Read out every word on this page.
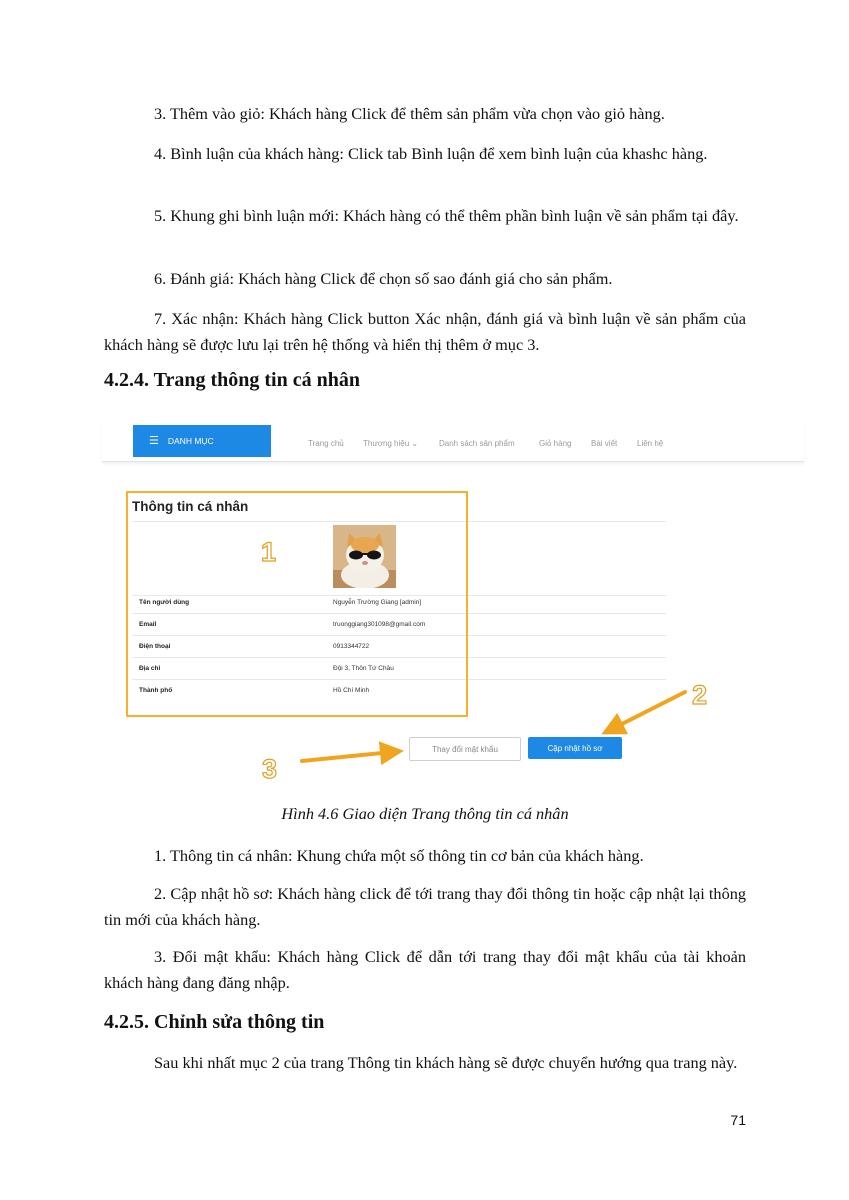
3. Thêm vào giỏ: Khách hàng Click để thêm sản phẩm vừa chọn vào giỏ hàng.

4. Bình luận của khách hàng: Click tab Bình luận để xem bình luận của khashc hàng.

5. Khung ghi bình luận mới: Khách hàng có thể thêm phần bình luận về sản phẩm tại đây.

6. Đánh giá: Khách hàng Click để chọn số sao đánh giá cho sản phẩm.

7. Xác nhận: Khách hàng Click button Xác nhận, đánh giá và bình luận về sản phẩm của khách hàng sẽ được lưu lại trên hệ thống và hiển thị thêm ở mục 3.

4.2.4. Trang thông tin cá nhân
☰ DANH MỤC	Trang chủ Thương hiệu ⌄	Danh sách sản phẩm	Giỏ hàng Bài viết Liên hệ
Thông tin cá nhân
Tên người dùng	Nguyễn Trường Giang [admin]
Email	truonggiang301098@gmail.com
Điện thoại	0913344722
Địa chỉ	Đội 3, Thôn Tứ Châu
Thành phố	Hồ Chí Minh
1
2
3
Thay đổi mật khẩu	Cập nhật hồ sơ

Hình 4.6 Giao diện Trang thông tin cá nhân

1. Thông tin cá nhân: Khung chứa một số thông tin cơ bản của khách hàng.

2. Cập nhật hồ sơ: Khách hàng click để tới trang thay đổi thông tin hoặc cập nhật lại thông tin mới của khách hàng.

3. Đổi mật khẩu: Khách hàng Click để dẫn tới trang thay đổi mật khẩu của tài khoản khách hàng đang đăng nhập.

4.2.5. Chỉnh sửa thông tin

Sau khi nhất mục 2 của trang Thông tin khách hàng sẽ được chuyển hướng qua trang này.

71
